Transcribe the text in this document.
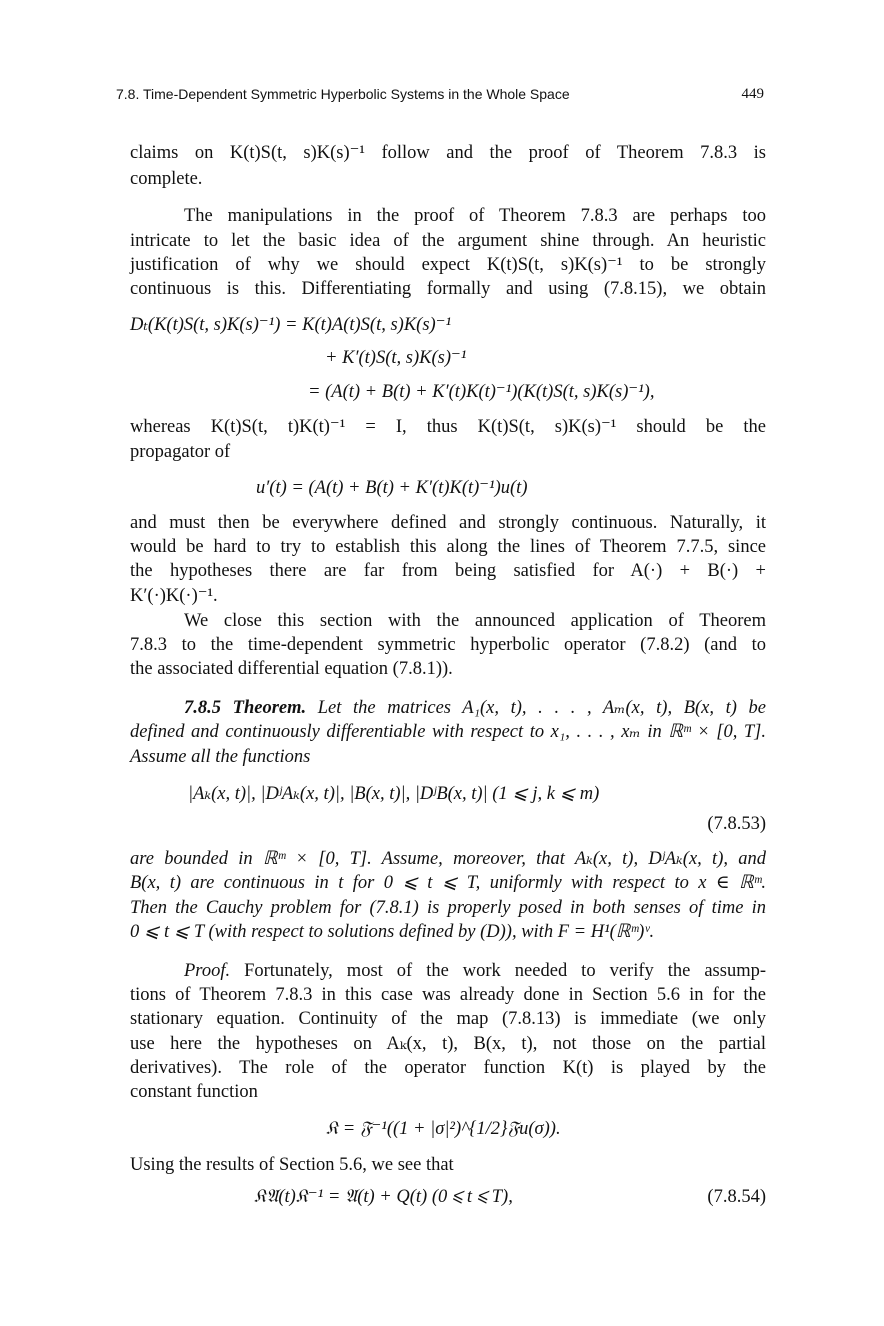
7.8. Time-Dependent Symmetric Hyperbolic Systems in the Whole Space	449
claims on K(t)S(t, s)K(s)⁻¹ follow and the proof of Theorem 7.8.3 is
complete.
The manipulations in the proof of Theorem 7.8.3 are perhaps too
intricate to let the basic idea of the argument shine through. An heuristic
justification of why we should expect K(t)S(t, s)K(s)⁻¹ to be strongly
continuous is this. Differentiating formally and using (7.8.15), we obtain
Dₜ(K(t)S(t, s)K(s)⁻¹) = K(t)A(t)S(t, s)K(s)⁻¹
+ K′(t)S(t, s)K(s)⁻¹
= (A(t) + B(t) + K′(t)K(t)⁻¹)(K(t)S(t, s)K(s)⁻¹),
whereas K(t)S(t, t)K(t)⁻¹ = I, thus K(t)S(t, s)K(s)⁻¹ should be the
propagator of
u′(t) = (A(t) + B(t) + K′(t)K(t)⁻¹)u(t)
and must then be everywhere defined and strongly continuous. Naturally, it
would be hard to try to establish this along the lines of Theorem 7.7.5, since
the hypotheses there are far from being satisfied for A(·) + B(·) +
K′(·)K(·)⁻¹.
We close this section with the announced application of Theorem
7.8.3 to the time-dependent symmetric hyperbolic operator (7.8.2) (and to
the associated differential equation (7.8.1)).
7.8.5 Theorem. Let the matrices A₁(x, t), . . . , Aₘ(x, t), B(x, t) be
defined and continuously differentiable with respect to x₁, . . . , xₘ in ℝᵐ × [0, T].
Assume all the functions
|Aₖ(x, t)|, |DʲAₖ(x, t)|, |B(x, t)|, |DʲB(x, t)| (1 ⩽ j, k ⩽ m)
(7.8.53)
are bounded in ℝᵐ × [0, T]. Assume, moreover, that Aₖ(x, t), DʲAₖ(x, t), and
B(x, t) are continuous in t for 0 ⩽ t ⩽ T, uniformly with respect to x ∈ ℝᵐ.
Then the Cauchy problem for (7.8.1) is properly posed in both senses of time in
0 ⩽ t ⩽ T (with respect to solutions defined by (D)), with F = H¹(ℝᵐ)ᵛ.
Proof. Fortunately, most of the work needed to verify the assump-
tions of Theorem 7.8.3 in this case was already done in Section 5.6 in for the
stationary equation. Continuity of the map (7.8.13) is immediate (we only
use here the hypotheses on Aₖ(x, t), B(x, t), not those on the partial
derivatives). The role of the operator function K(t) is played by the
constant function
𝔎 = 𝔉⁻¹((1 + |σ|²)^{1/2}𝔉u(σ)).
Using the results of Section 5.6, we see that
𝔎𝔄(t)𝔎⁻¹ = 𝔄(t) + Q(t) (0 ⩽ t ⩽ T),	(7.8.54)
